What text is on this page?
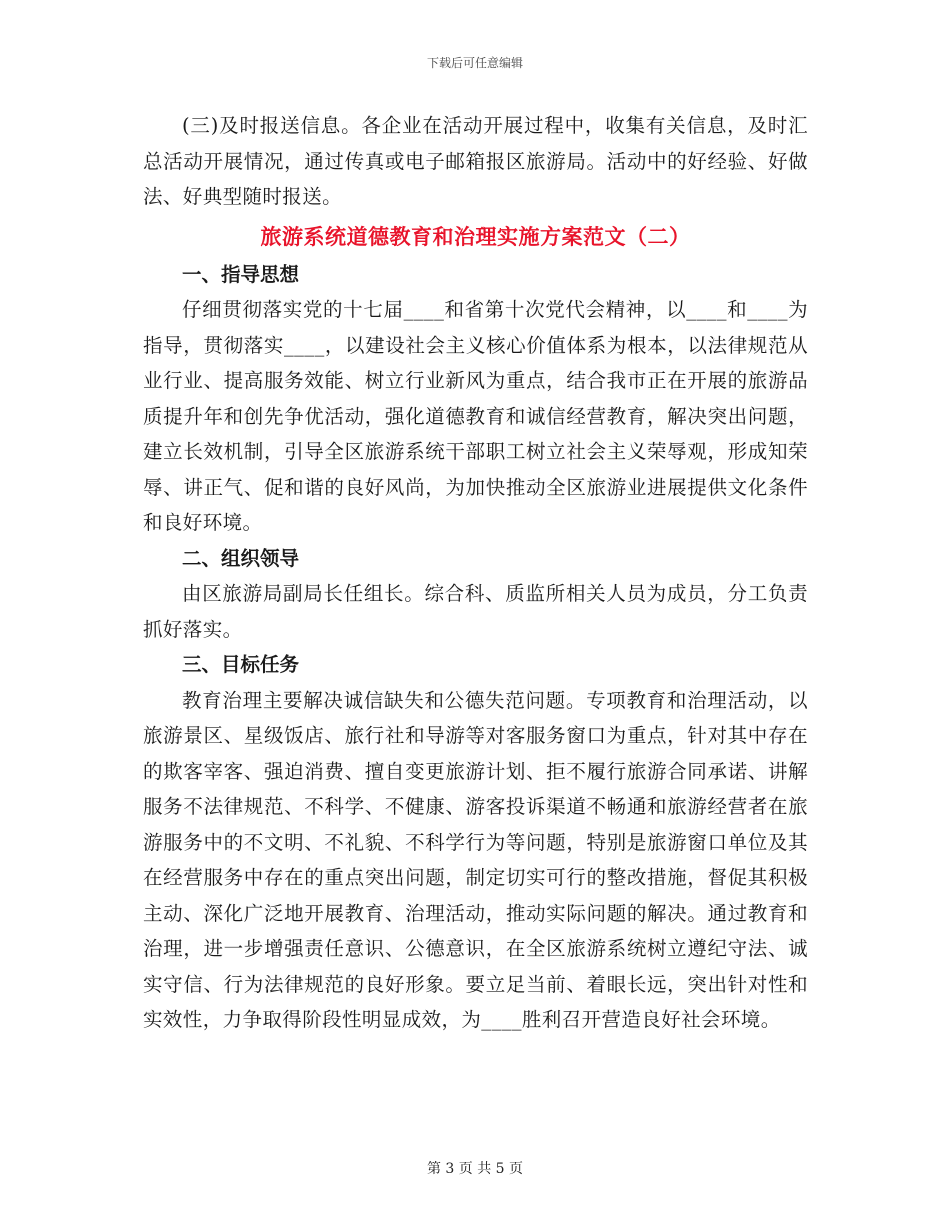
下载后可任意编辑

(三)及时报送信息。各企业在活动开展过程中，收集有关信息，及时汇总活动开展情况，通过传真或电子邮箱报区旅游局。活动中的好经验、好做法、好典型随时报送。

旅游系统道德教育和治理实施方案范文（二）

一、指导思想

仔细贯彻落实党的十七届____和省第十次党代会精神，以____和____为指导，贯彻落实____，以建设社会主义核心价值体系为根本，以法律规范从业行业、提高服务效能、树立行业新风为重点，结合我市正在开展的旅游品质提升年和创先争优活动，强化道德教育和诚信经营教育，解决突出问题，建立长效机制，引导全区旅游系统干部职工树立社会主义荣辱观，形成知荣辱、讲正气、促和谐的良好风尚，为加快推动全区旅游业进展提供文化条件和良好环境。

二、组织领导

由区旅游局副局长任组长。综合科、质监所相关人员为成员，分工负责抓好落实。

三、目标任务

教育治理主要解决诚信缺失和公德失范问题。专项教育和治理活动，以旅游景区、星级饭店、旅行社和导游等对客服务窗口为重点，针对其中存在的欺客宰客、强迫消费、擅自变更旅游计划、拒不履行旅游合同承诺、讲解服务不法律规范、不科学、不健康、游客投诉渠道不畅通和旅游经营者在旅游服务中的不文明、不礼貌、不科学行为等问题，特别是旅游窗口单位及其在经营服务中存在的重点突出问题，制定切实可行的整改措施，督促其积极主动、深化广泛地开展教育、治理活动，推动实际问题的解决。通过教育和治理，进一步增强责任意识、公德意识，在全区旅游系统树立遵纪守法、诚实守信、行为法律规范的良好形象。要立足当前、着眼长远，突出针对性和实效性，力争取得阶段性明显成效，为____胜利召开营造良好社会环境。

第 3 页 共 5 页
